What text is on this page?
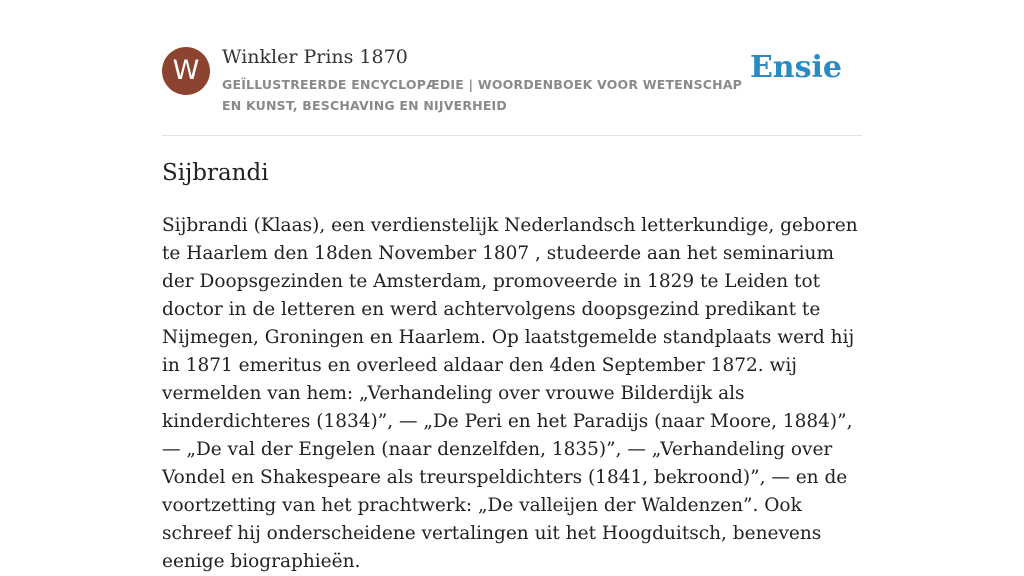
W	Winkler Prins 1870
GEÏLLUSTREERDE ENCYCLOPÆDIE | WOORDENBOEK VOOR WETENSCHAP EN KUNST, BESCHAVING EN NIJVERHEID
Ensie
Sijbrandi

Sijbrandi (Klaas), een verdienstelijk Nederlandsch letterkundige, geboren te Haarlem den 18den November 1807 , studeerde aan het seminarium der Doopsgezinden te Amsterdam, promoveerde in 1829 te Leiden tot doctor in de letteren en werd achtervolgens doopsgezind predikant te Nijmegen, Groningen en Haarlem. Op laatstgemelde standplaats werd hij in 1871 emeritus en overleed aldaar den 4den September 1872. wij vermelden van hem: „Verhandeling over vrouwe Bilderdijk als kinderdichteres (1834)”, — „De Peri en het Paradijs (naar Moore, 1884)”, — „De val der Engelen (naar denzelfden, 1835)”, — „Verhandeling over Vondel en Shakespeare als treurspeldichters (1841, bekroond)”, — en de voortzetting van het prachtwerk: „De valleijen der Waldenzen”. Ook schreef hij onderscheidene vertalingen uit het Hoogduitsch, benevens eenige biographieën.
